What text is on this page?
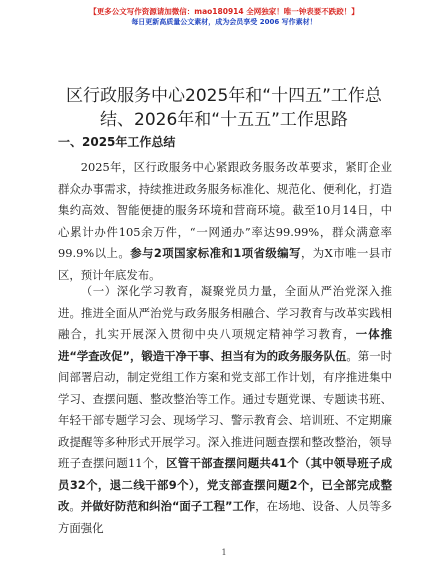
【更多公文写作资源请加微信：mao180914 全网独家！唯一钟表要不跌跤！】
每日更新高质量公文素材，成为会员享受 2006 写作素材！
区行政服务中心2025年和“十四五”工作总结、2026年和“十五五”工作思路
一、2025年工作总结

2025年，区行政服务中心紧跟政务服务改革要求，紧盯企业群众办事需求，持续推进政务服务标准化、规范化、便利化，打造集约高效、智能便捷的服务环境和营商环境。截至10月14日，中心累计办件105余万件，“一网通办”率达99.99%，群众满意率99.9%以上。参与2项国家标准和1项省级编写，为X市唯一县市区，预计年底发布。

（一）深化学习教育，凝聚党员力量，全面从严治党深入推进。推进全面从严治党与政务服务相融合、学习教育与改革实践相融合，扎实开展深入贯彻中央八项规定精神学习教育，一体推进“学查改促”，锻造干净干事、担当有为的政务服务队伍。第一时间部署启动，制定党组工作方案和党支部工作计划，有序推进集中学习、查摆问题、整改整治等工作。通过专题党课、专题读书班、年轻干部专题学习会、现场学习、警示教育会、培训班、不定期廉政提醒等多种形式开展学习。深入推进问题查摆和整改整治，领导班子查摆问题11个，区管干部查摆问题共41个（其中领导班子成员32个，退二线干部9个），党支部查摆问题2个，已全部完成整改。并做好防范和纠治“面子工程”工作，在场地、设备、人员等多方面强化

1
